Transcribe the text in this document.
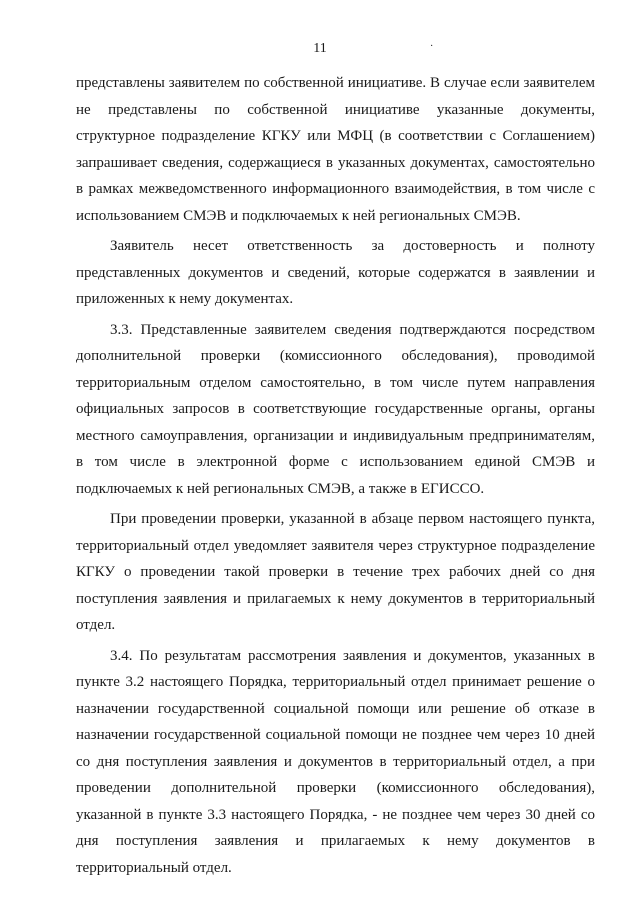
11	·

представлены заявителем по собственной инициативе. В случае если заявителем не представлены по собственной инициативе указанные документы, структурное подразделение КГКУ или МФЦ (в соответствии с Соглашением) запрашивает сведения, содержащиеся в указанных документах, самостоятельно в рамках межведомственного информационного взаимодействия, в том числе с использованием СМЭВ и подключаемых к ней региональных СМЭВ.

Заявитель несет ответственность за достоверность и полноту представленных документов и сведений, которые содержатся в заявлении и приложенных к нему документах.

3.3. Представленные заявителем сведения подтверждаются посредством дополнительной проверки (комиссионного обследования), проводимой территориальным отделом самостоятельно, в том числе путем направления официальных запросов в соответствующие государственные органы, органы местного самоуправления, организации и индивидуальным предпринимателям, в том числе в электронной форме с использованием единой СМЭВ и подключаемых к ней региональных СМЭВ, а также в ЕГИССО.

При проведении проверки, указанной в абзаце первом настоящего пункта, территориальный отдел уведомляет заявителя через структурное подразделение КГКУ о проведении такой проверки в течение трех рабочих дней со дня поступления заявления и прилагаемых к нему документов в территориальный отдел.

3.4. По результатам рассмотрения заявления и документов, указанных в пункте 3.2 настоящего Порядка, территориальный отдел принимает решение о назначении государственной социальной помощи или решение об отказе в назначении государственной социальной помощи не позднее чем через 10 дней со дня поступления заявления и документов в территориальный отдел, а при проведении дополнительной проверки (комиссионного обследования), указанной в пункте 3.3 настоящего Порядка, - не позднее чем через 30 дней со дня поступления заявления и прилагаемых к нему документов в территориальный отдел.
